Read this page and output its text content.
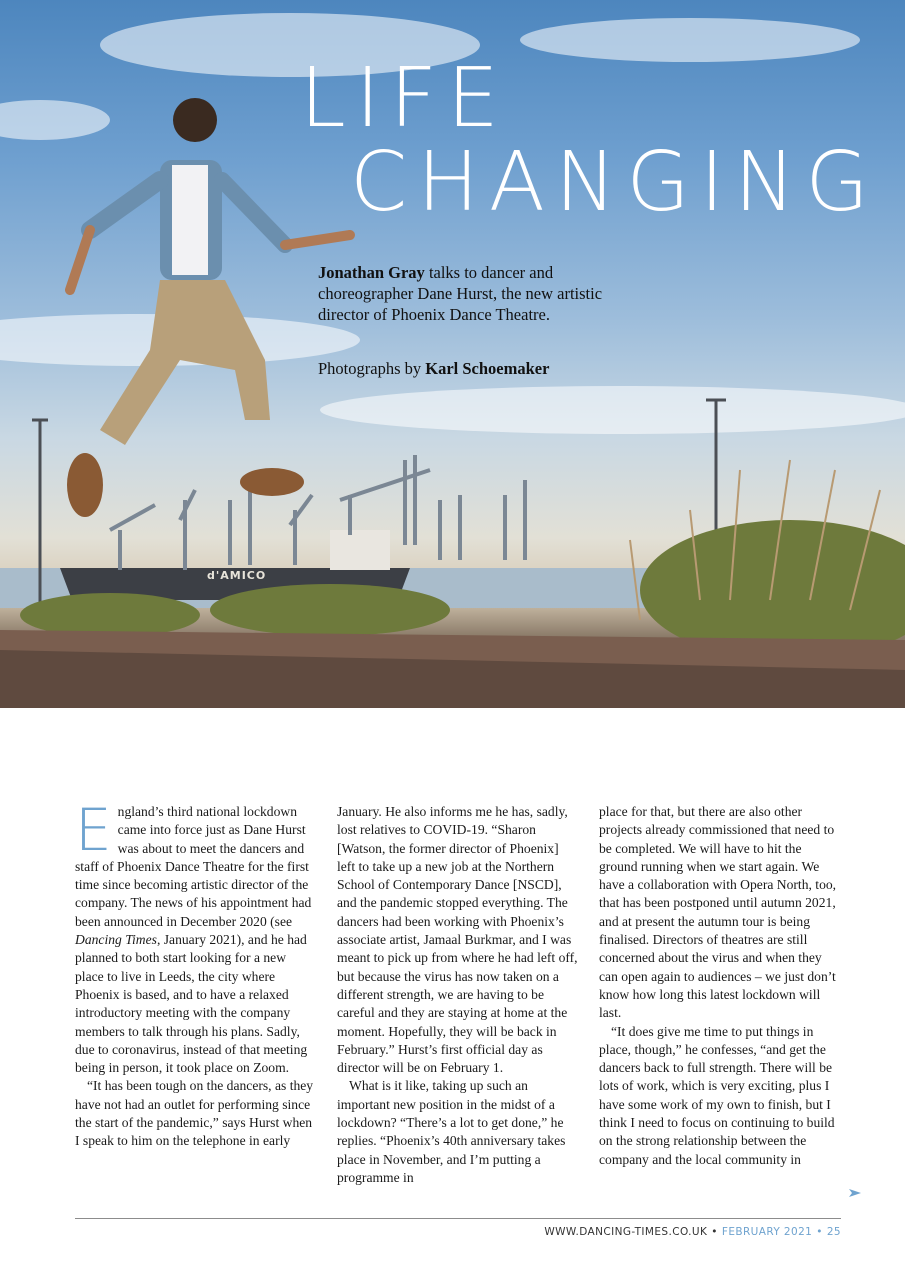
d'AMICO
LIFE
CHANGING
Jonathan Gray talks to dancer and choreographer Dane Hurst, the new artistic director of Phoenix Dance Theatre.
Photographs by Karl Schoemaker

England’s third national lockdown came into force just as Dane Hurst was about to meet the dancers and staff of Phoenix Dance Theatre for the first time since becoming artistic director of the company. The news of his appointment had been announced in December 2020 (see Dancing Times, January 2021), and he had planned to both start looking for a new place to live in Leeds, the city where Phoenix is based, and to have a relaxed introductory meeting with the company members to talk through his plans. Sadly, due to coronavirus, instead of that meeting being in person, it took place on Zoom.

“It has been tough on the dancers, as they have not had an outlet for performing since the start of the pandemic,” says Hurst when I speak to him on the telephone in early

January. He also informs me he has, sadly, lost relatives to COVID-19. “Sharon [Watson, the former director of Phoenix] left to take up a new job at the Northern School of Contemporary Dance [NSCD], and the pandemic stopped everything. The dancers had been working with Phoenix’s associate artist, Jamaal Burkmar, and I was meant to pick up from where he had left off, but because the virus has now taken on a different strength, we are having to be careful and they are staying at home at the moment. Hopefully, they will be back in February.” Hurst’s first official day as director will be on February 1.

What is it like, taking up such an important new position in the midst of a lockdown? “There’s a lot to get done,” he replies. “Phoenix’s 40th anniversary takes place in November, and I’m putting a programme in

place for that, but there are also other projects already commissioned that need to be completed. We will have to hit the ground running when we start again. We have a collaboration with Opera North, too, that has been postponed until autumn 2021, and at present the autumn tour is being finalised. Directors of theatres are still concerned about the virus and when they can open again to audiences – we just don’t know how long this latest lockdown will last.

“It does give me time to put things in place, though,” he confesses, “and get the dancers back to full strength. There will be lots of work, which is very exciting, plus I have some work of my own to finish, but I think I need to focus on continuing to build on the strong relationship between the company and the local community in

WWW.DANCING-TIMES.CO.UK • FEBRUARY 2021 • 25
